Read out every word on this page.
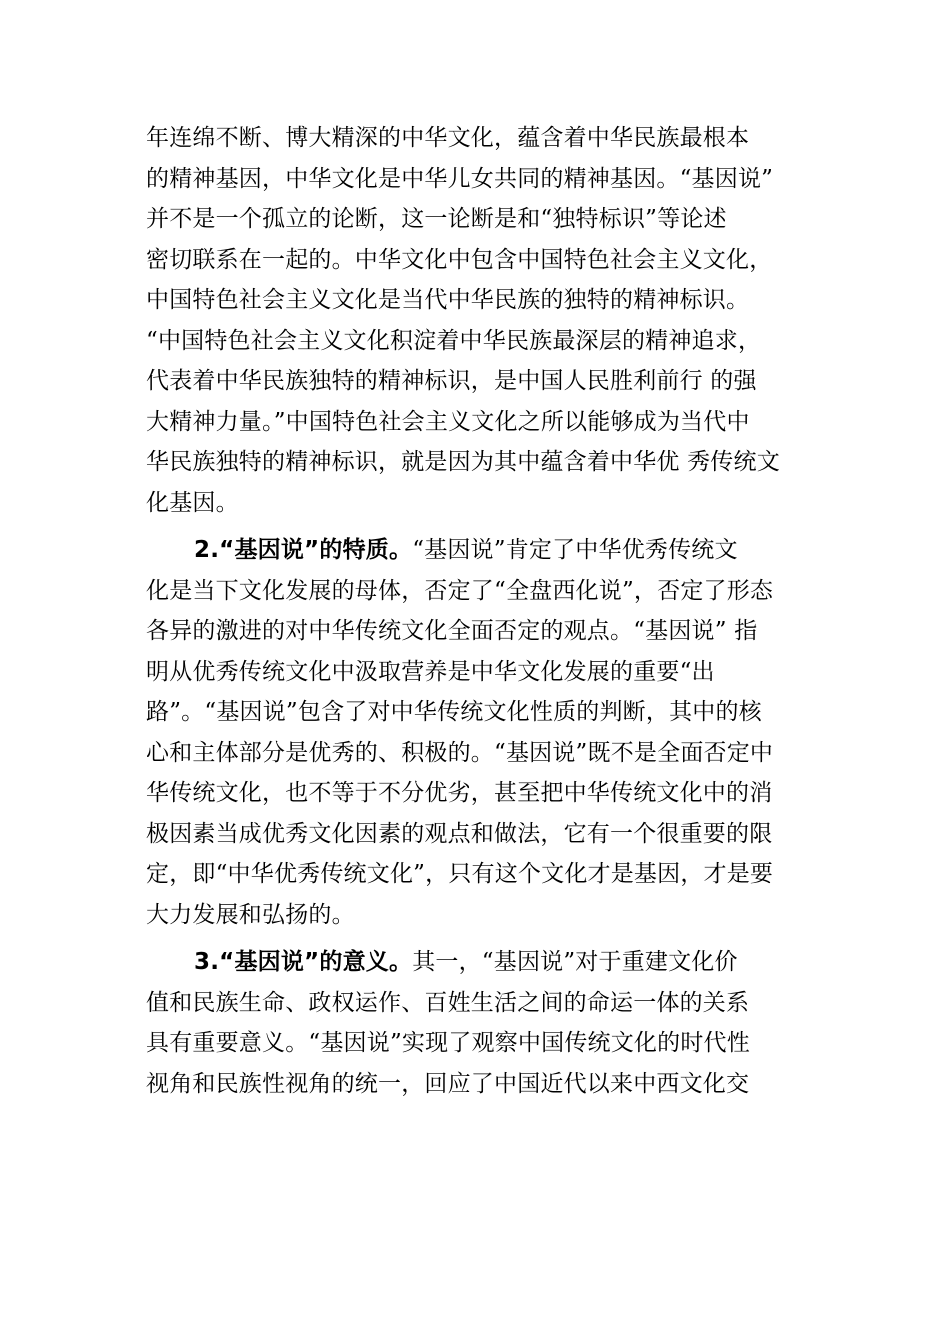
年连绵不断、博大精深的中华文化，蕴含着中华民族最根本
的精神基因，中华文化是中华儿女共同的精神基因。“基因说”
并不是一个孤立的论断，这一论断是和“独特标识”等论述
密切联系在一起的。中华文化中包含中国特色社会主义文化，
中国特色社会主义文化是当代中华民族的独特的精神标识。
“中国特色社会主义文化积淀着中华民族最深层的精神追求，
代表着中华民族独特的精神标识，是中国人民胜利前行 的强
大精神力量。”中国特色社会主义文化之所以能够成为当代中
华民族独特的精神标识，就是因为其中蕴含着中华优 秀传统文
化基因。
2.“基因说”的特质。“基因说”肯定了中华优秀传统文
化是当下文化发展的母体，否定了“全盘西化说”，否定了形态
各异的激进的对中华传统文化全面否定的观点。“基因说” 指
明从优秀传统文化中汲取营养是中华文化发展的重要“出
路”。“基因说”包含了对中华传统文化性质的判断，其中的核
心和主体部分是优秀的、积极的。“基因说”既不是全面否定中
华传统文化，也不等于不分优劣，甚至把中华传统文化中的消
极因素当成优秀文化因素的观点和做法，它有一个很重要的限
定，即“中华优秀传统文化”，只有这个文化才是基因，才是要
大力发展和弘扬的。
3.“基因说”的意义。其一，“基因说”对于重建文化价
值和民族生命、政权运作、百姓生活之间的命运一体的关系
具有重要意义。“基因说”实现了观察中国传统文化的时代性
视角和民族性视角的统一，回应了中国近代以来中西文化交
